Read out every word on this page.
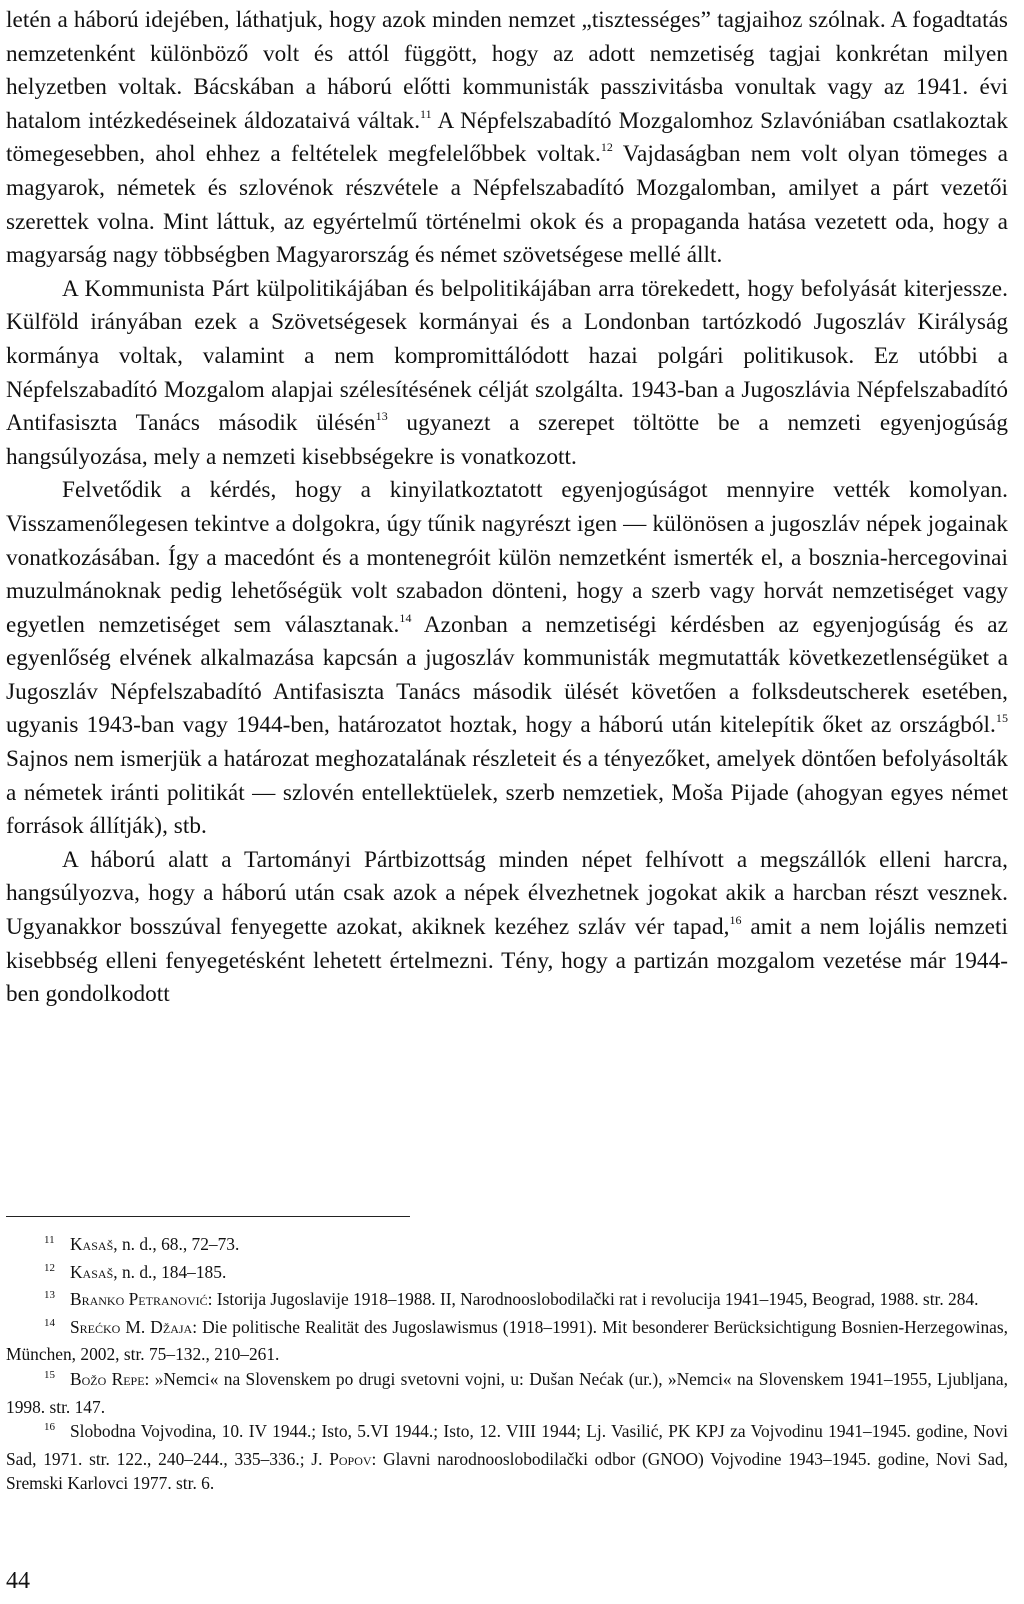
letén a háború idejében, láthatjuk, hogy azok minden nemzet „tisztességes” tagjaihoz szólnak. A fogadtatás nemzetenként különböző volt és attól függött, hogy az adott nemzetiség tagjai konkrétan milyen helyzetben voltak. Bácskában a háború előtti kommunisták passzivitásba vonultak vagy az 1941. évi hatalom intézkedéseinek áldozataivá váltak.$^{11}$ A Népfelszabadító Mozgalomhoz Szlavóniában csatlakoztak tömegesebben, ahol ehhez a feltételek megfelelőbbek voltak.$^{12}$ Vajdaságban nem volt olyan tömeges a magyarok, németek és szlovénok részvétele a Népfelszabadító Mozgalomban, amilyet a párt vezetői szerettek volna. Mint láttuk, az egyértelmű történelmi okok és a propaganda hatása vezetett oda, hogy a magyarság nagy többségben Magyarország és német szövetségese mellé állt.

A Kommunista Párt külpolitikájában és belpolitikájában arra törekedett, hogy befolyását kiterjessze. Külföld irányában ezek a Szövetségesek kormányai és a Londonban tartózkodó Jugoszláv Királyság kormánya voltak, valamint a nem kompromittálódott hazai polgári politikusok. Ez utóbbi a Népfelszabadító Mozgalom alapjai szélesítésének célját szolgálta. 1943-ban a Jugoszlávia Népfelszabadító Antifasiszta Tanács második ülésén$^{13}$ ugyanezt a szerepet töltötte be a nemzeti egyenjogúság hangsúlyozása, mely a nemzeti kisebbségekre is vonatkozott.

Felvetődik a kérdés, hogy a kinyilatkoztatott egyenjogúságot mennyire vették komolyan. Visszamenőlegesen tekintve a dolgokra, úgy tűnik nagyrészt igen — különösen a jugoszláv népek jogainak vonatkozásában. Így a macedónt és a montenegróit külön nemzetként ismerték el, a bosznia-hercegovinai muzulmánoknak pedig lehetőségük volt szabadon dönteni, hogy a szerb vagy horvát nemzetiséget vagy egyetlen nemzetiséget sem választanak.$^{14}$ Azonban a nemzetiségi kérdésben az egyenjogúság és az egyenlőség elvének alkalmazása kapcsán a jugoszláv kommunisták megmutatták következetlenségüket a Jugoszláv Népfelszabadító Antifasiszta Tanács második ülését követően a folksdeutscherek esetében, ugyanis 1943-ban vagy 1944-ben, határozatot hoztak, hogy a háború után kitelepítik őket az országból.$^{15}$ Sajnos nem ismerjük a határozat meghozatalának részleteit és a tényezőket, amelyek döntően befolyásolták a németek iránti politikát — szlovén entellektüelek, szerb nemzetiek, Moša Pijade (ahogyan egyes német források állítják), stb.

A háború alatt a Tartományi Pártbizottság minden népet felhívott a megszállók elleni harcra, hangsúlyozva, hogy a háború után csak azok a népek élvezhetnek jogokat akik a harcban részt vesznek. Ugyanakkor bosszúval fenyegette azokat, akiknek kezéhez szláv vér tapad,$^{16}$ amit a nem lojális nemzeti kisebbség elleni fenyegetésként lehetett értelmezni. Tény, hogy a partizán mozgalom vezetése már 1944-ben gondolkodott

11 Kasaš, n. d., 68., 72–73.

12 Kasaš, n. d., 184–185.

13 Branko Petranović: Istorija Jugoslavije 1918–1988. II, Narodnooslobodilački rat i revolucija 1941–1945, Beograd, 1988. str. 284.

14 Srećko M. Džaja: Die politische Realität des Jugoslawismus (1918–1991). Mit besonderer Berücksichtigung Bosnien-Herzegowinas, München, 2002, str. 75–132., 210–261.

15 Božo Repe: »Nemci« na Slovenskem po drugi svetovni vojni, u: Dušan Nećak (ur.), »Nemci« na Slovenskem 1941–1955, Ljubljana, 1998. str. 147.

16 Slobodna Vojvodina, 10. IV 1944.; Isto, 5.VI 1944.; Isto, 12. VIII 1944; Lj. Vasilić, PK KPJ za Vojvodinu 1941–1945. godine, Novi Sad, 1971. str. 122., 240–244., 335–336.; J. Popov: Glavni narodnooslobodilački odbor (GNOO) Vojvodine 1943–1945. godine, Novi Sad, Sremski Karlovci 1977. str. 6.

44
